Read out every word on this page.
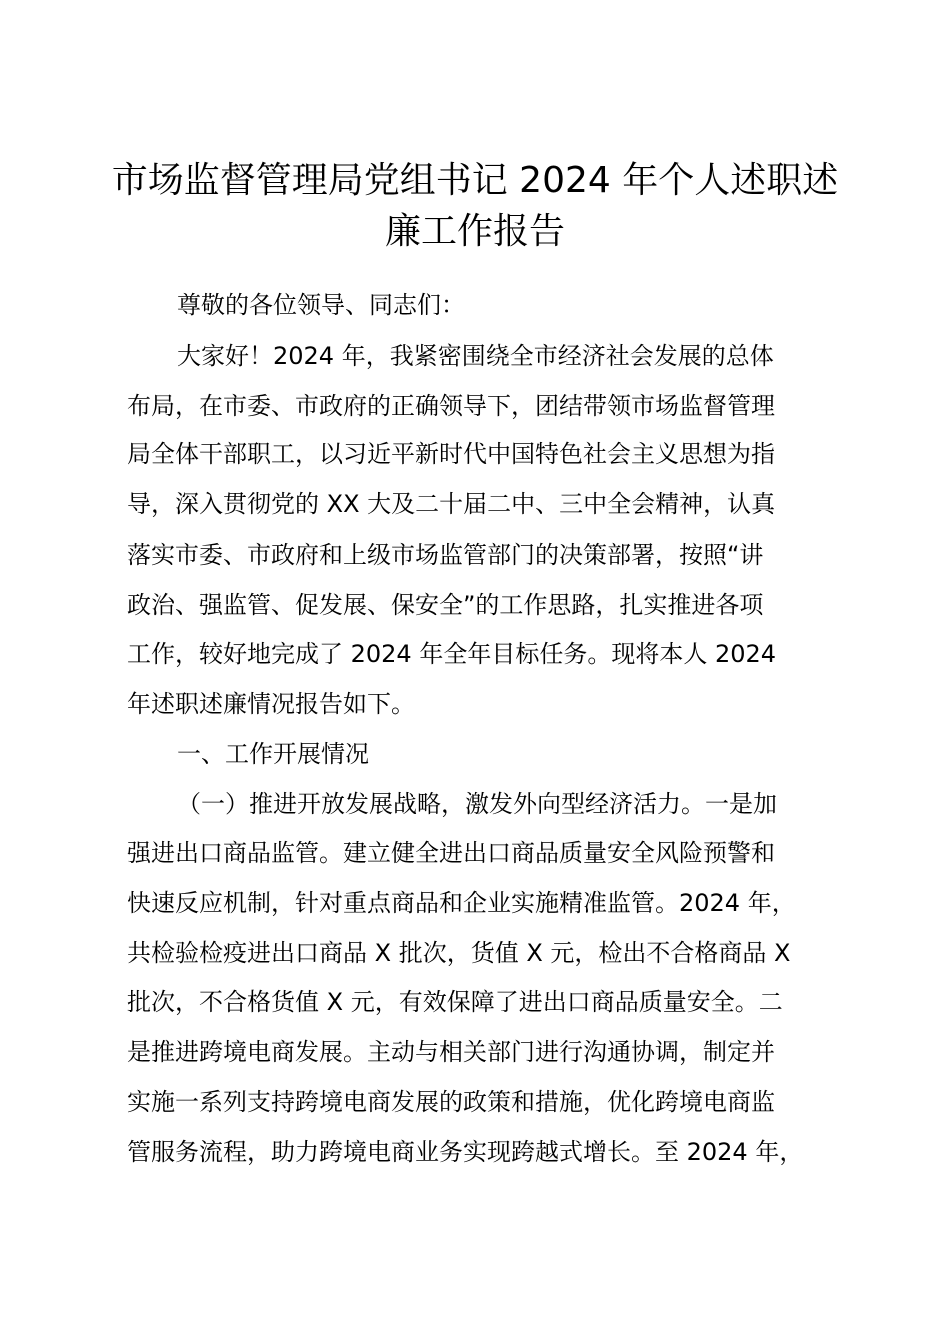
市场监督管理局党组书记 2024 年个人述职述
廉工作报告
尊敬的各位领导、同志们：
大家好！2024 年，我紧密围绕全市经济社会发展的总体
布局，在市委、市政府的正确领导下，团结带领市场监督管理
局全体干部职工，以习近平新时代中国特色社会主义思想为指
导，深入贯彻党的 XX 大及二十届二中、三中全会精神，认真
落实市委、市政府和上级市场监管部门的决策部署，按照“讲
政治、强监管、促发展、保安全”的工作思路，扎实推进各项
工作，较好地完成了 2024 年全年目标任务。现将本人 2024
年述职述廉情况报告如下。
一、工作开展情况
（一）推进开放发展战略，激发外向型经济活力。一是加
强进出口商品监管。建立健全进出口商品质量安全风险预警和
快速反应机制，针对重点商品和企业实施精准监管。2024 年，
共检验检疫进出口商品 X 批次，货值 X 元，检出不合格商品 X
批次，不合格货值 X 元，有效保障了进出口商品质量安全。二
是推进跨境电商发展。主动与相关部门进行沟通协调，制定并
实施一系列支持跨境电商发展的政策和措施，优化跨境电商监
管服务流程，助力跨境电商业务实现跨越式增长。至 2024 年，
